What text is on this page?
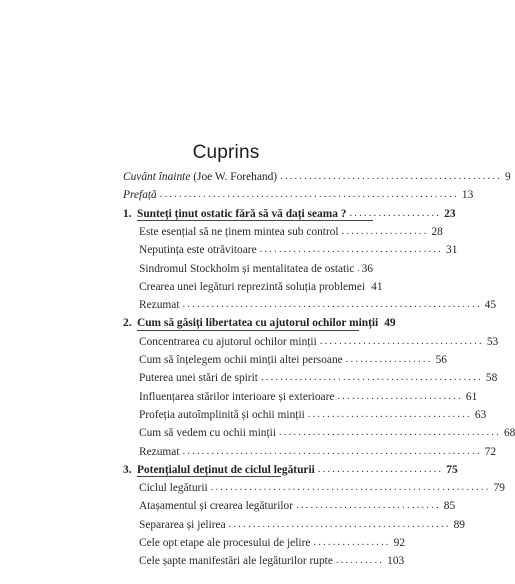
Cuprins
Cuvânt înainte (Joe W. Forehand) .............................................. 9
Prefață .............................................................. 13
1. Sunteți ținut ostatic fără să vă dați seama ? ................... 23
Este esențial să ne ținem mintea sub control .................. 28
Neputința este otrăvitoare ...................................... 31
Sindromul Stockholm și mentalitatea de ostatic 36
Crearea unei legături reprezintă soluția problemei 41
Rezumat .............................................................. 45
2. Cum să găsiți libertatea cu ajutorul ochilor minții 49
Concentrarea cu ajutorul ochilor minții .................................. 53
Cum să înțelegem ochii minții altei persoane .................. 56
Puterea unei stări de spirit .............................................. 58
Influențarea stărilor interioare și exterioare .......................... 61
Profeția autoîmplinită și ochii minții .................................. 63
Cum să vedem cu ochii minții .............................................. 68
Rezumat .............................................................. 72
3. Potențialul deținut de ciclul legăturii .......................... 75
Ciclul legăturii .......................................................... 79
Atașamentul și crearea legăturilor .............................. 85
Separarea și jelirea .............................................. 89
Cele opt etape ale procesului de jelire ................ 92
Cele șapte manifestări ale legăturilor rupte .......... 103
